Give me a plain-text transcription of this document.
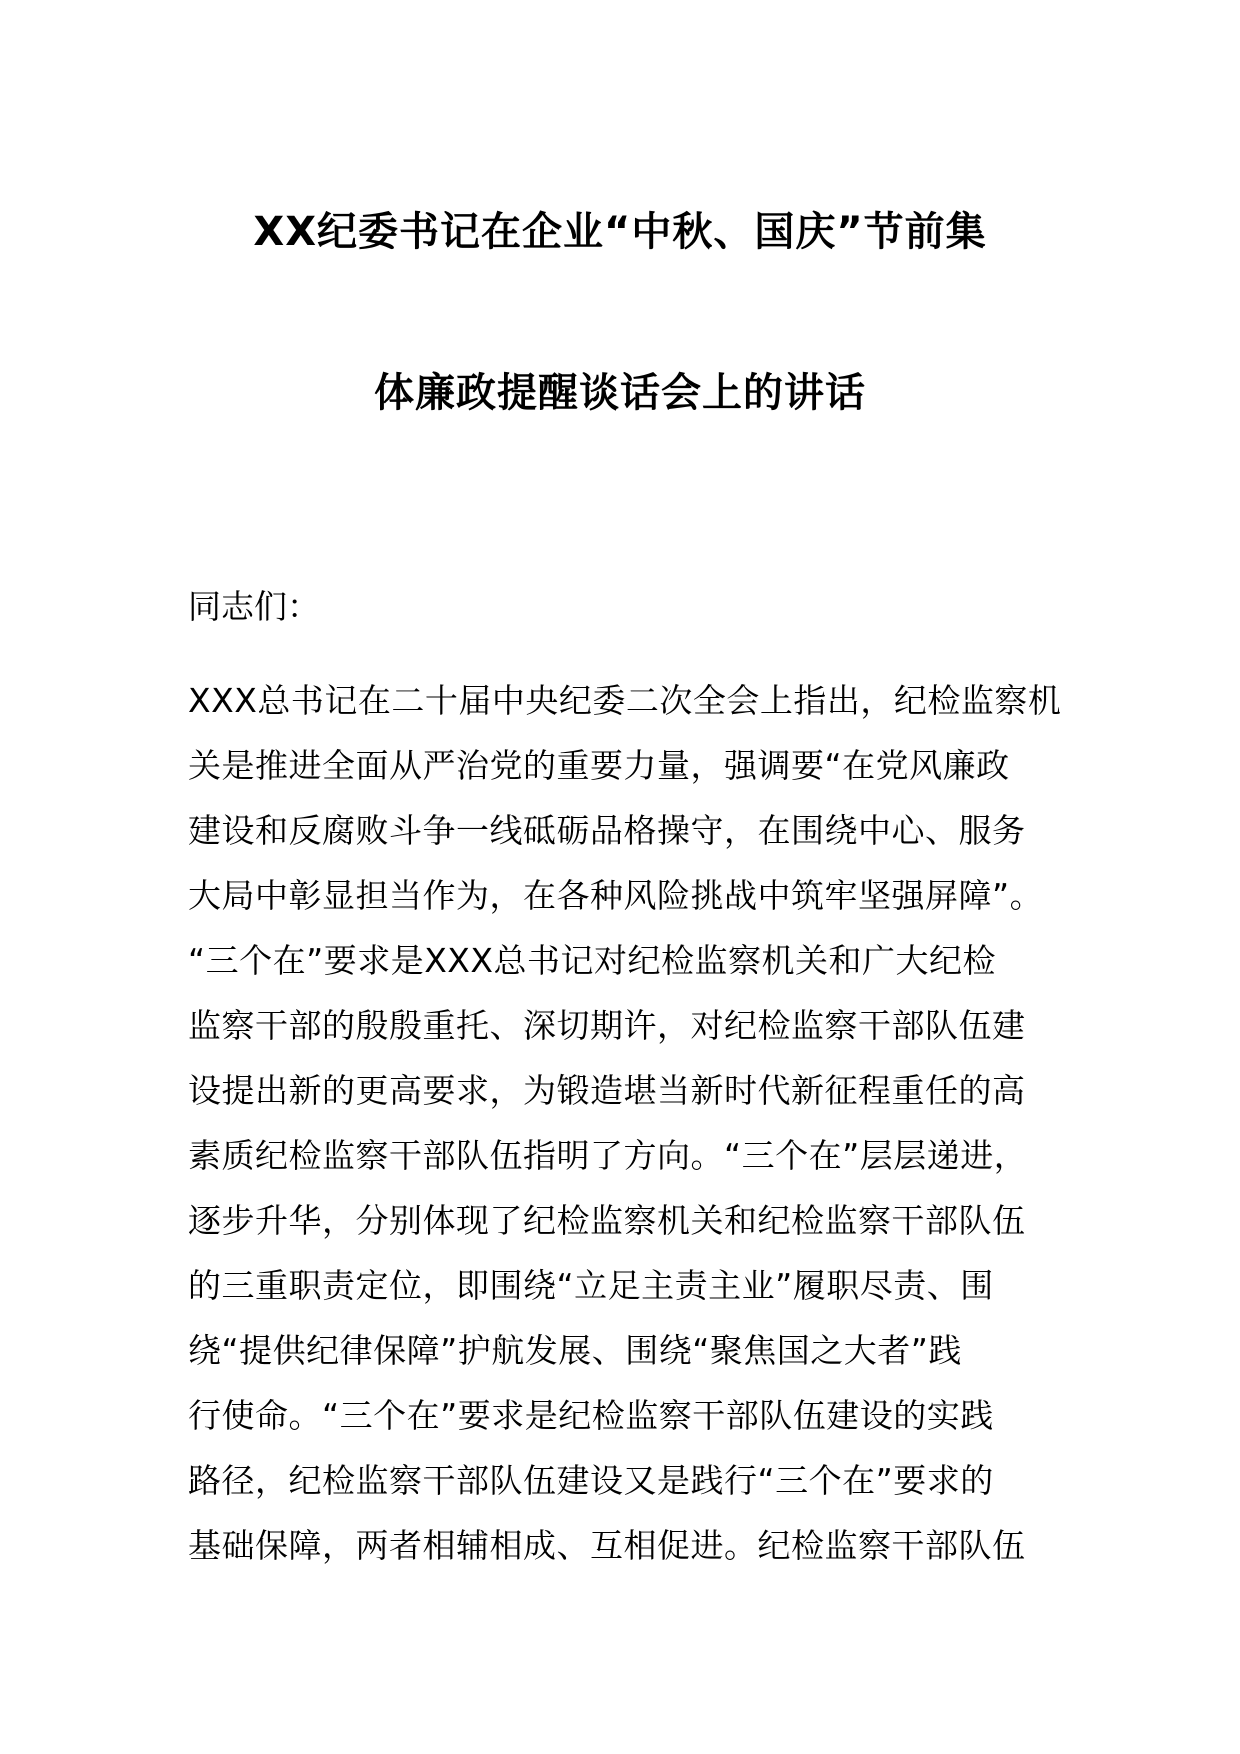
XX纪委书记在企业“中秋、国庆”节前集
体廉政提醒谈话会上的讲话
同志们：
XXX总书记在二十届中央纪委二次全会上指出，纪检监察机
关是推进全面从严治党的重要力量，强调要“在党风廉政
建设和反腐败斗争一线砥砺品格操守，在围绕中心、服务
大局中彰显担当作为，在各种风险挑战中筑牢坚强屏障”。
“三个在”要求是XXX总书记对纪检监察机关和广大纪检
监察干部的殷殷重托、深切期许，对纪检监察干部队伍建
设提出新的更高要求，为锻造堪当新时代新征程重任的高
素质纪检监察干部队伍指明了方向。“三个在”层层递进，
逐步升华，分别体现了纪检监察机关和纪检监察干部队伍
的三重职责定位，即围绕“立足主责主业”履职尽责、围
绕“提供纪律保障”护航发展、围绕“聚焦国之大者”践
行使命。“三个在”要求是纪检监察干部队伍建设的实践
路径，纪检监察干部队伍建设又是践行“三个在”要求的
基础保障，两者相辅相成、互相促进。纪检监察干部队伍
